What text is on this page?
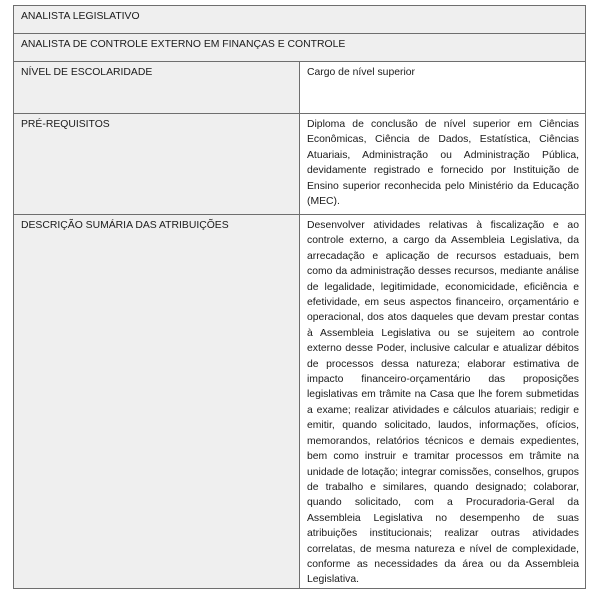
ANALISTA LEGISLATIVO	
ANALISTA DE CONTROLE EXTERNO EM FINANÇAS E CONTROLE	
NÍVEL DE ESCOLARIDADE	Cargo de nível superior
PRÉ-REQUISITOS	Diploma de conclusão de nível superior em Ciências Econômicas, Ciência de Dados, Estatística, Ciências Atuariais, Administração ou Administração Pública, devidamente registrado e fornecido por Instituição de Ensino superior reconhecida pelo Ministério da Educação (MEC).
DESCRIÇÃO SUMÁRIA DAS ATRIBUIÇÕES	Desenvolver atividades relativas à fiscalização e ao controle externo, a cargo da Assembleia Legislativa, da arrecadação e aplicação de recursos estaduais, bem como da administração desses recursos, mediante análise de legalidade, legitimidade, economicidade, eficiência e efetividade, em seus aspectos financeiro, orçamentário e operacional, dos atos daqueles que devam prestar contas à Assembleia Legislativa ou se sujeitem ao controle externo desse Poder, inclusive calcular e atualizar débitos de processos dessa natureza; elaborar estimativa de impacto financeiro-orçamentário das proposições legislativas em trâmite na Casa que lhe forem submetidas a exame; realizar atividades e cálculos atuariais; redigir e emitir, quando solicitado, laudos, informações, ofícios, memorandos, relatórios técnicos e demais expedientes, bem como instruir e tramitar processos em trâmite na unidade de lotação; integrar comissões, conselhos, grupos de trabalho e similares, quando designado; colaborar, quando solicitado, com a Procuradoria-Geral da Assembleia Legislativa no desempenho de suas atribuições institucionais; realizar outras atividades correlatas, de mesma natureza e nível de complexidade, conforme as necessidades da área ou da Assembleia Legislativa.
